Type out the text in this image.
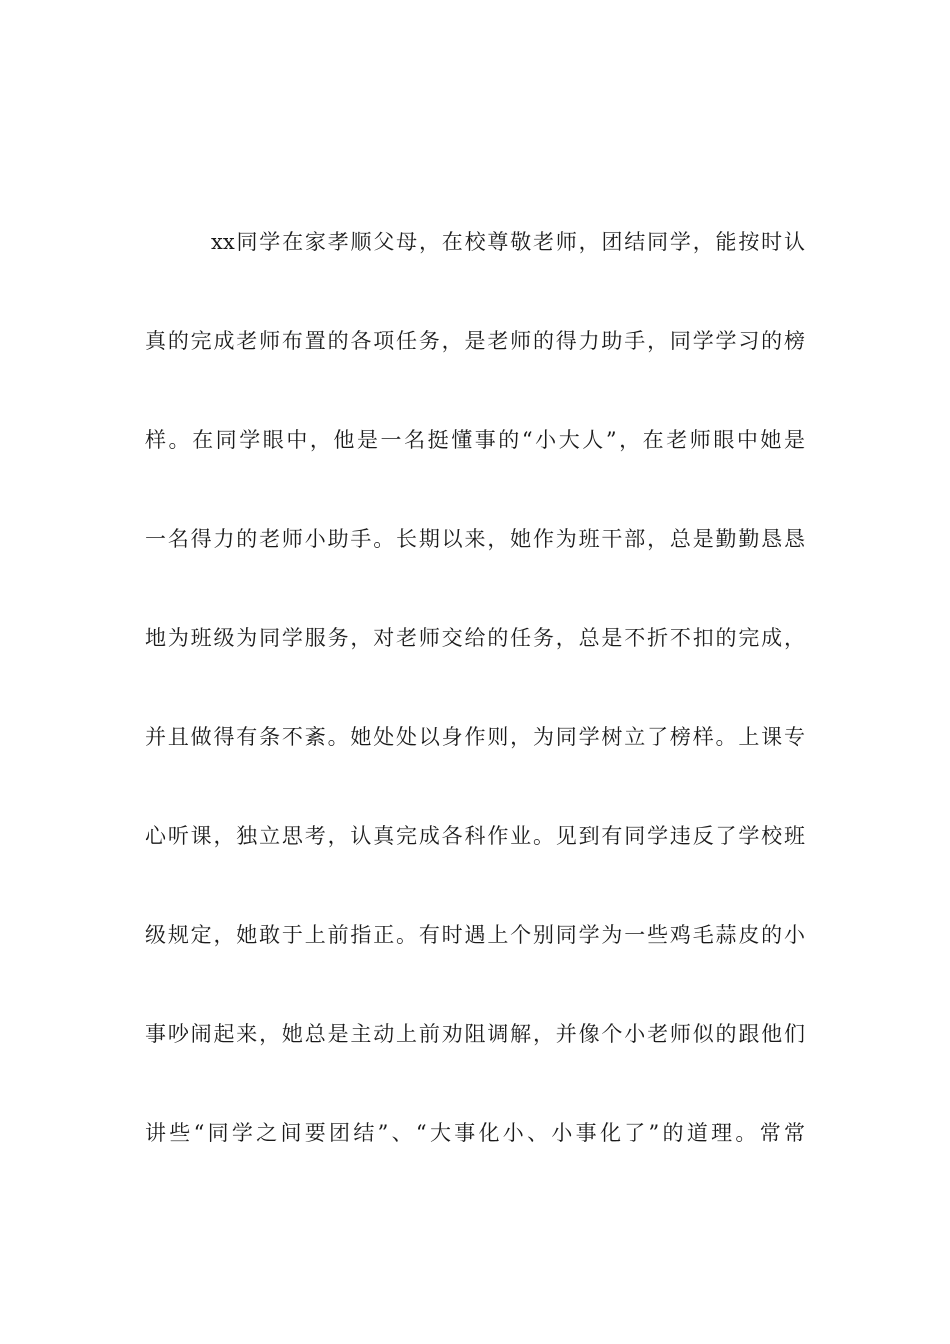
xx同学在家孝顺父母，在校尊敬老师，团结同学，能按时认
真的完成老师布置的各项任务，是老师的得力助手，同学学习的榜
样。在同学眼中，他是一名挺懂事的“小大人”，在老师眼中她是
一名得力的老师小助手。长期以来，她作为班干部，总是勤勤恳恳
地为班级为同学服务，对老师交给的任务，总是不折不扣的完成，
并且做得有条不紊。她处处以身作则，为同学树立了榜样。上课专
心听课，独立思考，认真完成各科作业。见到有同学违反了学校班
级规定，她敢于上前指正。有时遇上个别同学为一些鸡毛蒜皮的小
事吵闹起来，她总是主动上前劝阻调解，并像个小老师似的跟他们
讲些“同学之间要团结”、“大事化小、小事化了”的道理。常常
